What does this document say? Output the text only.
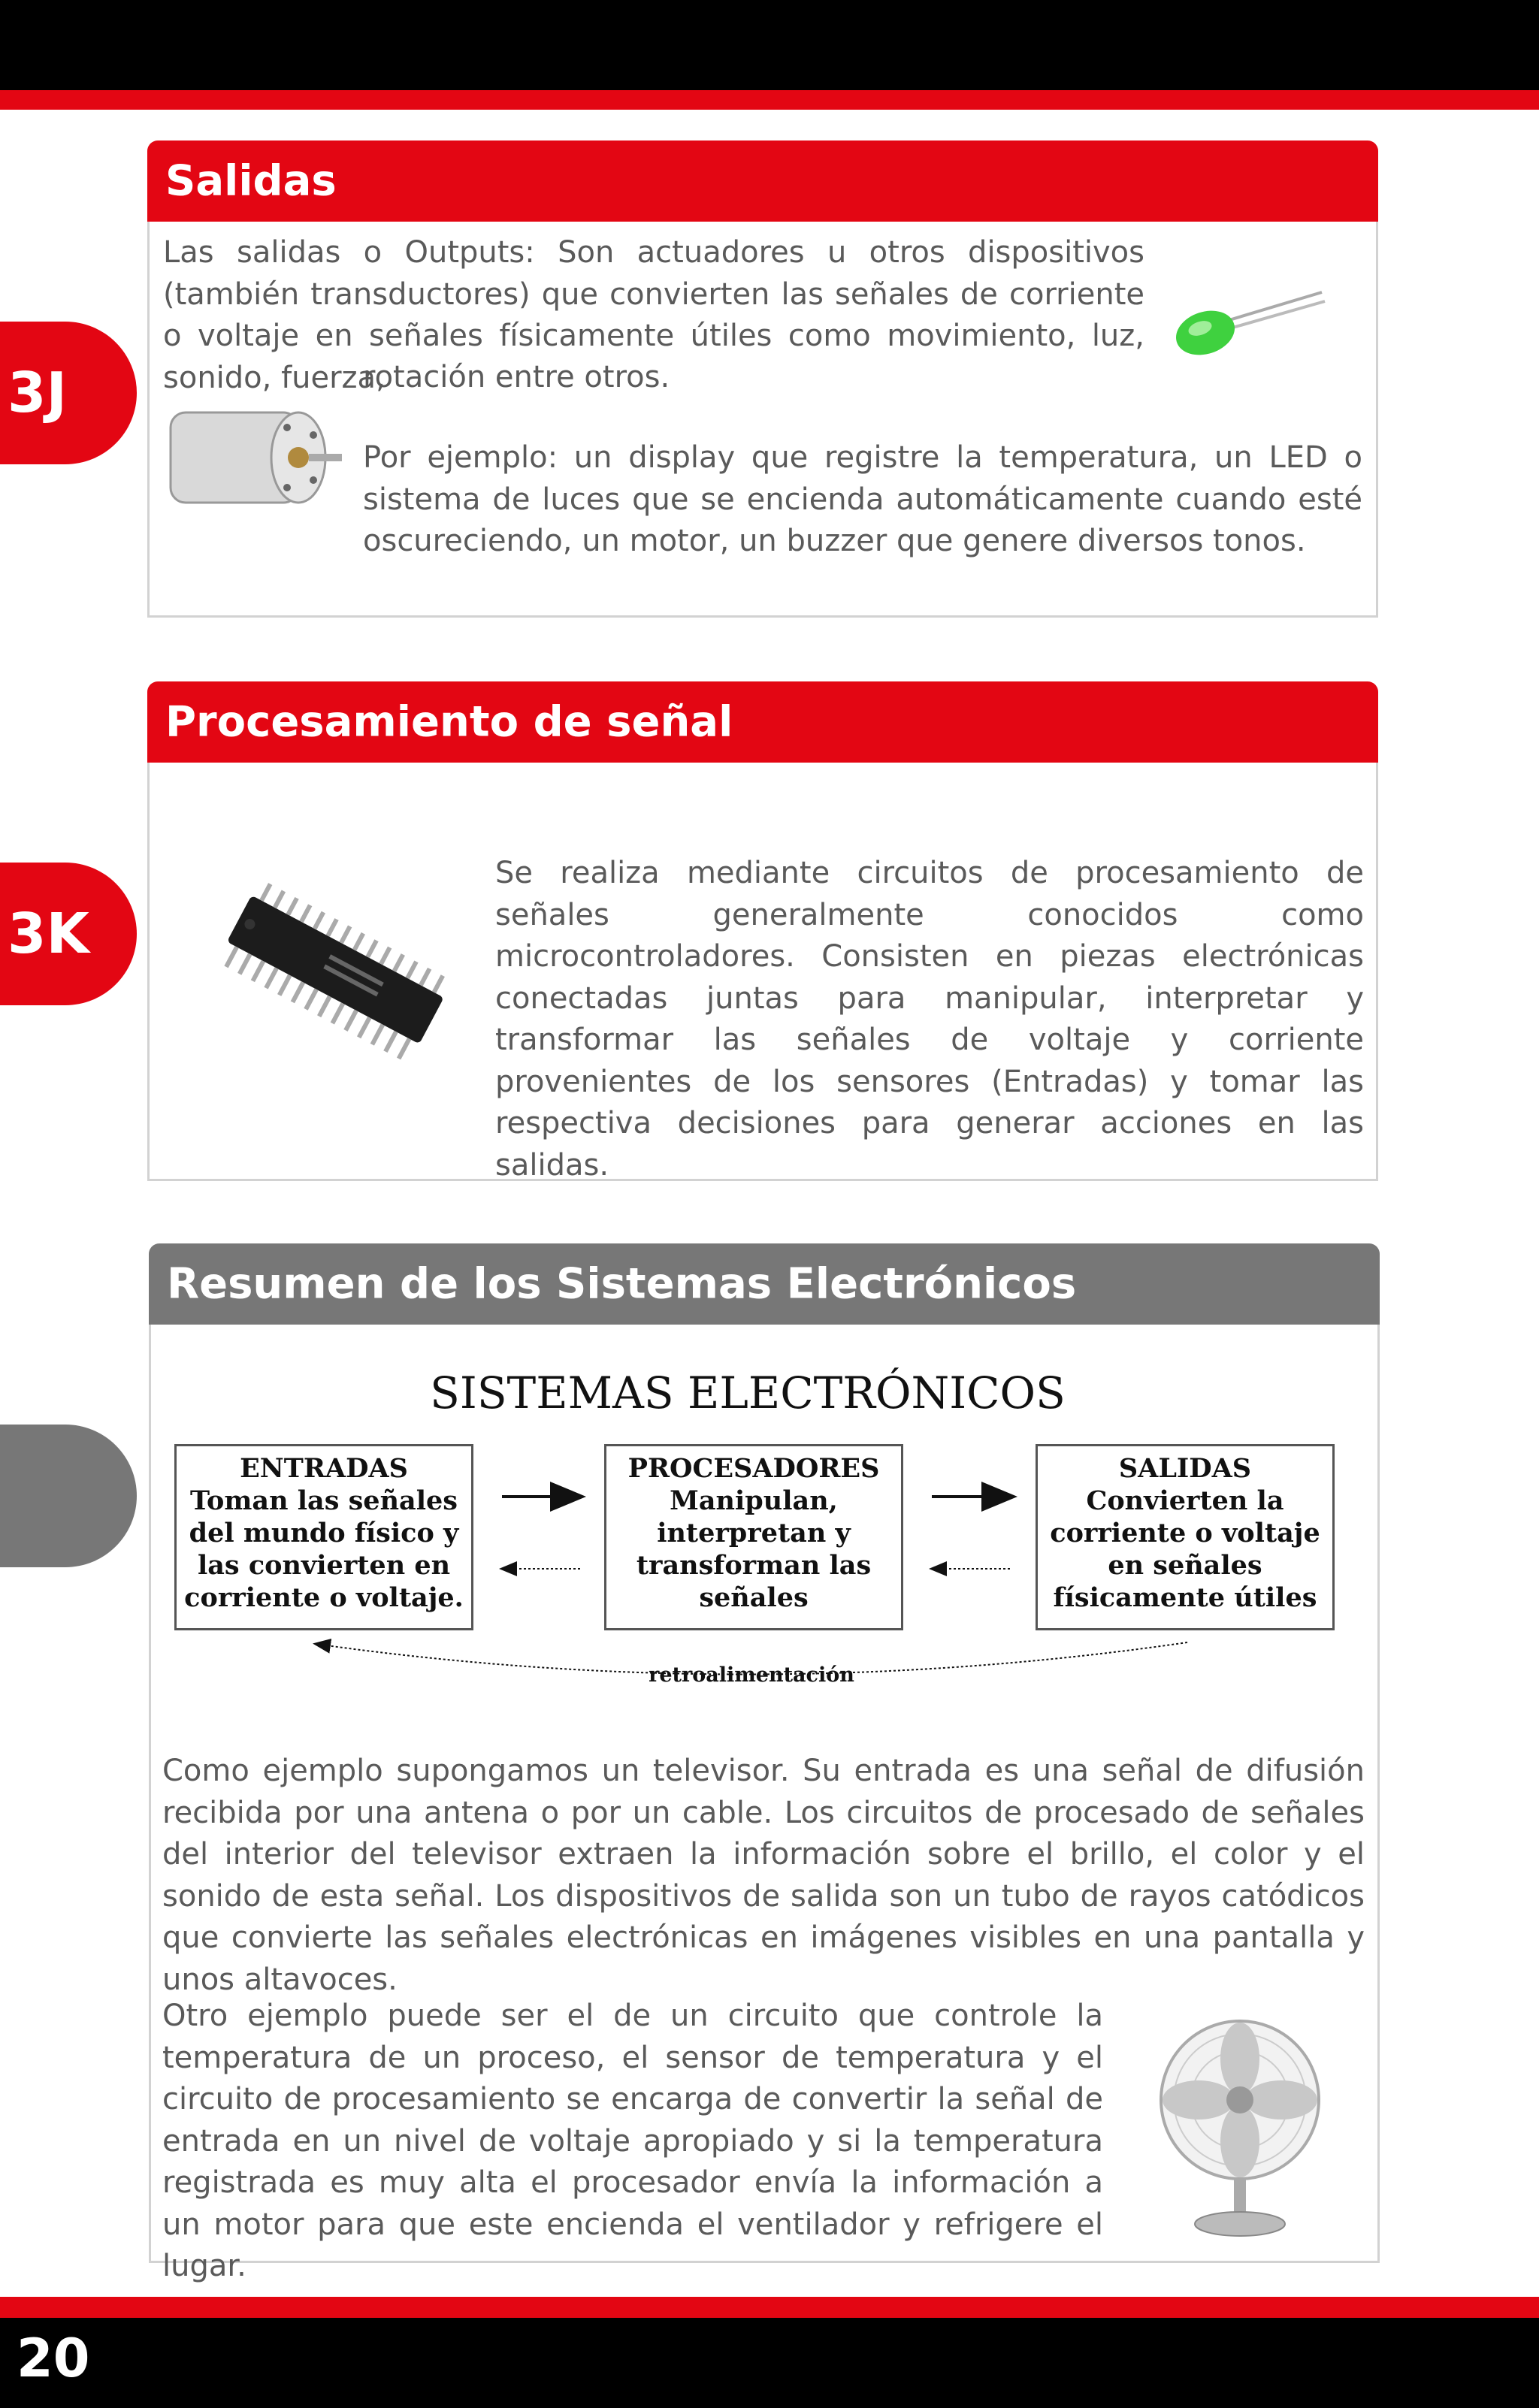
3J
3K
Salidas

Las salidas o Outputs: Son actuadores u otros dispositivos (también transductores) que convierten las señales de corriente o voltaje en señales físicamente útiles como movimiento, luz, sonido, fuerza,

rotación entre otros.

Por ejemplo: un display que registre la temperatura, un LED o sistema de luces que se encienda automáticamente cuando esté oscureciendo, un motor, un buzzer que genere diversos tonos.

Procesamiento de señal

Se realiza mediante circuitos de procesamiento de señales generalmente conocidos como microcontroladores. Consisten en piezas electrónicas conectadas juntas para manipular, interpretar y transformar las señales de voltaje y corriente provenientes de los sensores (Entradas) y tomar las respectiva decisiones para generar acciones en las salidas.

Resumen de los Sistemas Electrónicos
SISTEMAS ELECTRÓNICOS
ENTRADAS
Toman las señales
del mundo físico y
las convierten en
corriente o voltaje.
PROCESADORES
Manipulan,
interpretan y
transforman las
señales
SALIDAS
Convierten la
corriente o voltaje
en señales
físicamente útiles
retroalimentación

Como ejemplo supongamos un televisor. Su entrada es una señal de difusión recibida por una antena o por un cable. Los circuitos de procesado de señales del interior del televisor extraen la información sobre el brillo, el color y el sonido de esta señal. Los dispositivos de salida son un tubo de rayos catódicos que convierte las señales electrónicas en imágenes visibles en una pantalla y unos altavoces.

Otro ejemplo puede ser el de un circuito que controle la temperatura de un proceso, el sensor de temperatura y el circuito de procesamiento se encarga de convertir la señal de entrada en un nivel de voltaje apropiado y si la temperatura registrada es muy alta el procesador envía la información a un motor para que este encienda el ventilador y refrigere el lugar.

20
